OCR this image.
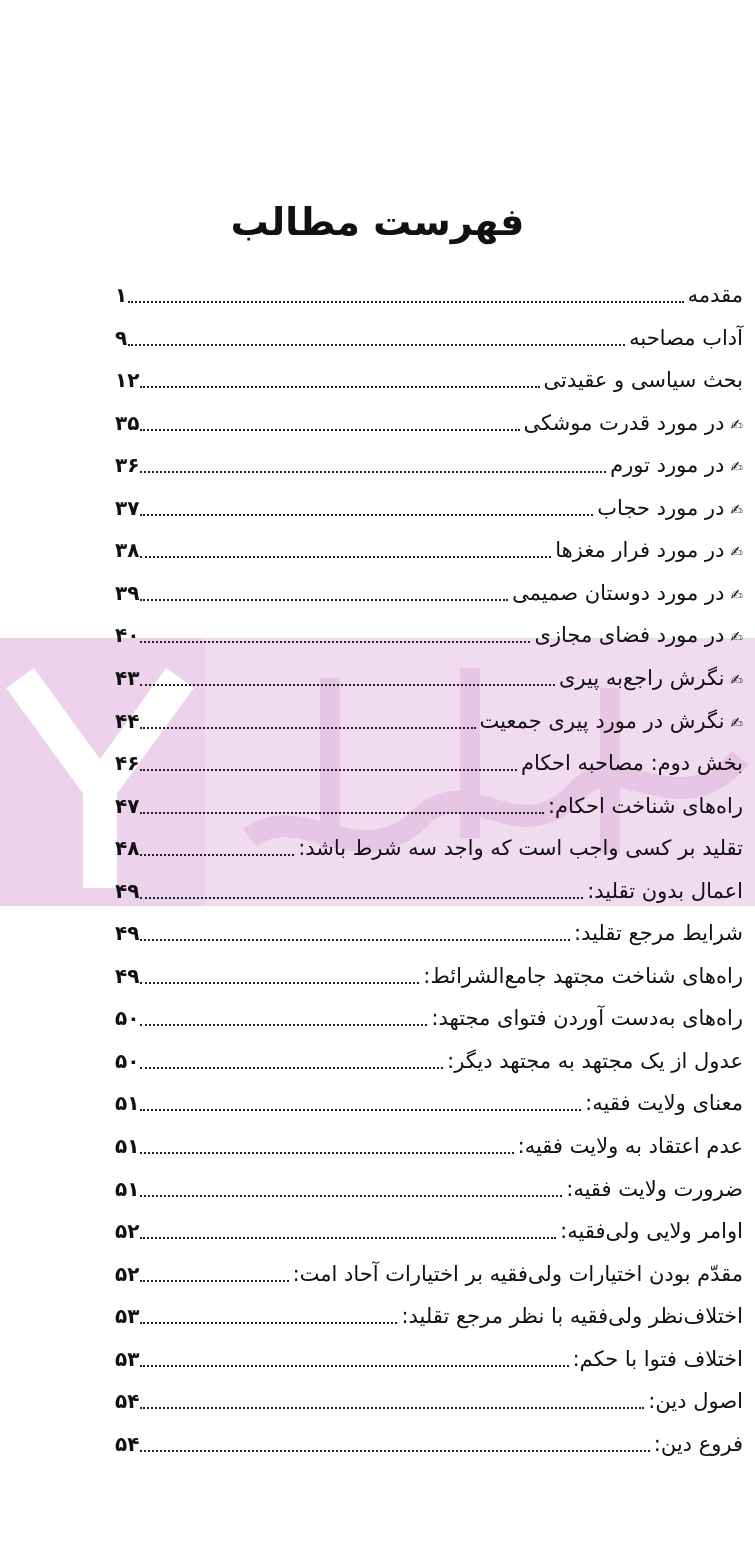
فهرست مطالب
۱	مقدمه
۹	آداب مصاحبه
۱۲	بحث سیاسی و عقیدتی
۳۵	✍در مورد قدرت موشکی
۳۶	✍در مورد تورم
۳۷	✍در مورد حجاب
۳۸	✍در مورد فرار مغزها
۳۹	✍در مورد دوستان صمیمی
۴۰	✍در مورد فضای مجازی
۴۳	✍نگرش راجع‌به پیری
۴۴	✍نگرش در مورد پیری جمعیت
۴۶	بخش دوم: مصاحبه احکام
۴۷	راه‌های شناخت احکام:
۴۸	تقلید بر کسی واجب است که واجد سه شرط باشد:
۴۹	اعمال بدون تقلید:
۴۹	شرایط مرجع تقلید:
۴۹	راه‌های شناخت مجتهد جامع‌الشرائط:
۵۰	راه‌های به‌دست آوردن فتوای مجتهد:
۵۰	عدول از یک مجتهد به مجتهد دیگر:
۵۱	معنای ولایت فقیه:
۵۱	عدم اعتقاد به ولایت فقیه:
۵۱	ضرورت ولایت فقیه:
۵۲	اوامر ولایی ولی‌فقیه:
۵۲	مقدّم بودن اختیارات ولی‌فقیه بر اختیارات آحاد امت:
۵۳	اختلاف‌نظر ولی‌فقیه با نظر مرجع تقلید:
۵۳	اختلاف فتوا با حکم:
۵۴	اصول دین:
۵۴	فروع دین:
